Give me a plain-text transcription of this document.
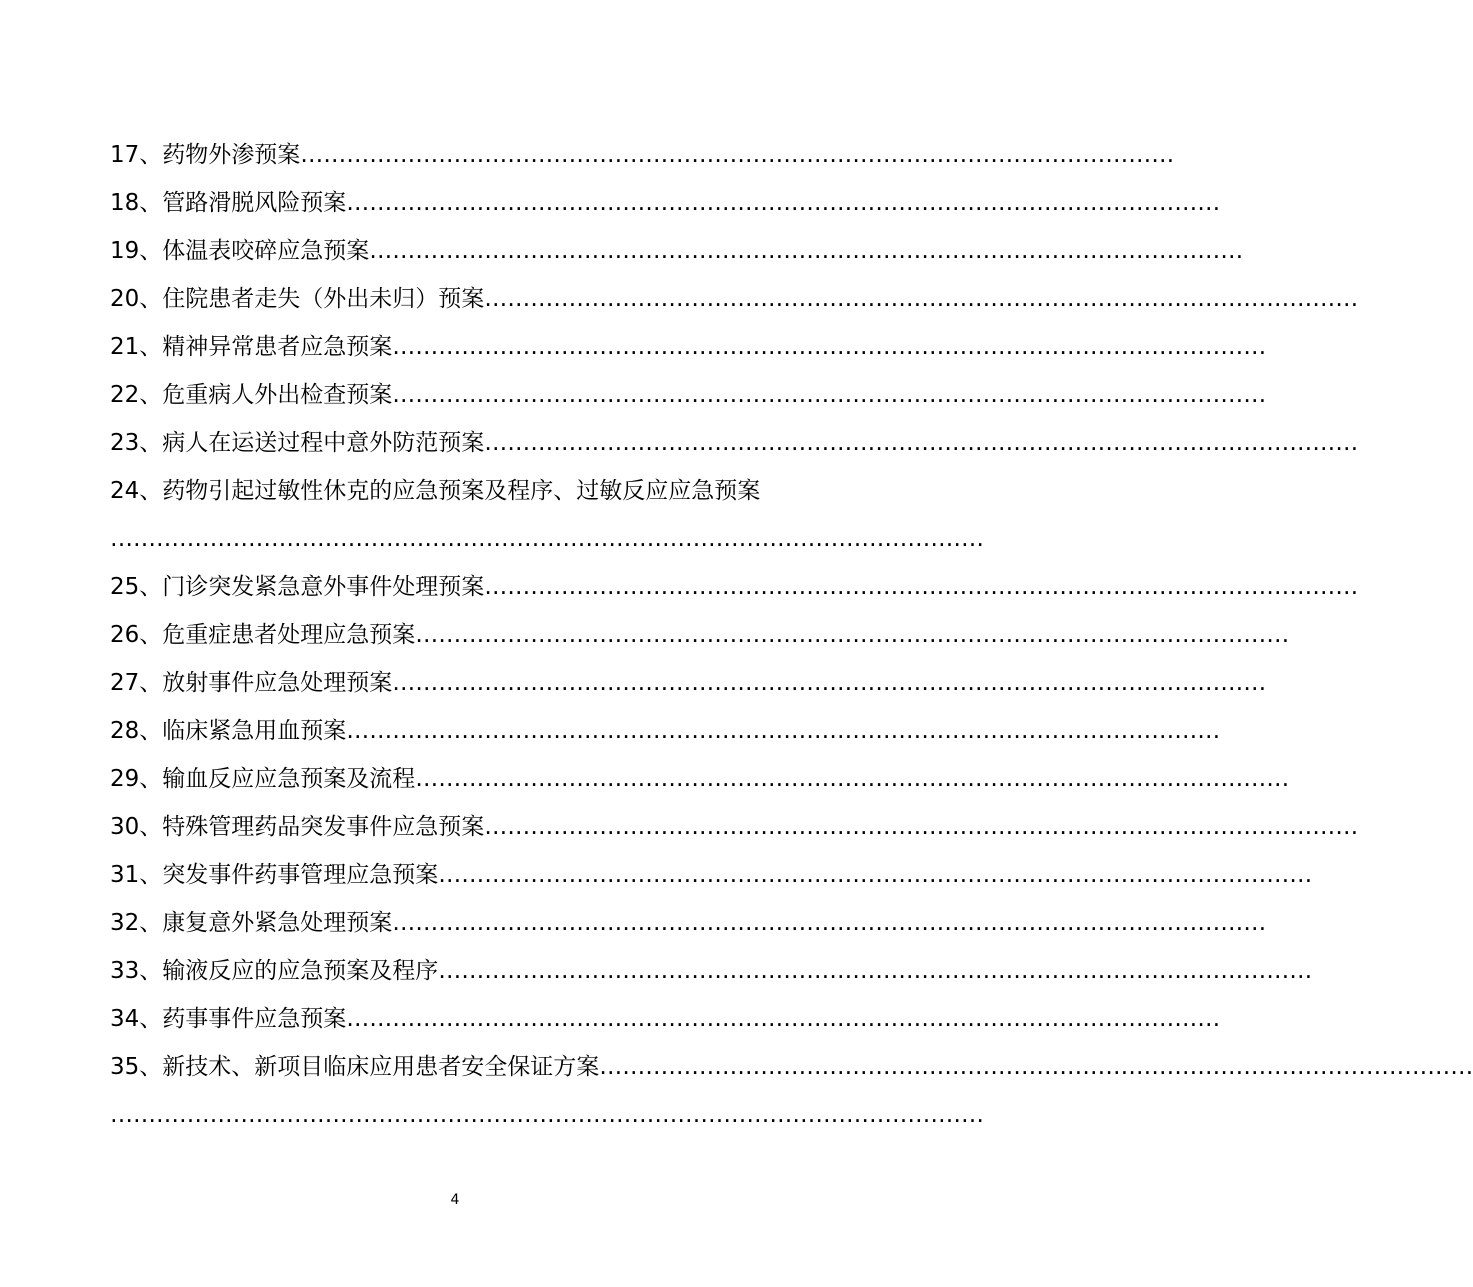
17、药物外渗预案 ……………………………………………………………………………………………………
18、管路滑脱风险预案 ……………………………………………………………………………………………………
19、体温表咬碎应急预案 ……………………………………………………………………………………………………
20、住院患者走失（外出未归）预案 ……………………………………………………………………………………………………
21、精神异常患者应急预案 ……………………………………………………………………………………………………
22、危重病人外出检查预案 ……………………………………………………………………………………………………
23、病人在运送过程中意外防范预案 ……………………………………………………………………………………………………
24、药物引起过敏性休克的应急预案及程序、过敏反应应急预案
……………………………………………………………………………………………………
25、门诊突发紧急意外事件处理预案 ……………………………………………………………………………………………………
26、危重症患者处理应急预案 ……………………………………………………………………………………………………
27、放射事件应急处理预案 ……………………………………………………………………………………………………
28、临床紧急用血预案 ……………………………………………………………………………………………………
29、输血反应应急预案及流程 ……………………………………………………………………………………………………
30、特殊管理药品突发事件应急预案 ……………………………………………………………………………………………………
31、突发事件药事管理应急预案 ……………………………………………………………………………………………………
32、康复意外紧急处理预案 ……………………………………………………………………………………………………
33、输液反应的应急预案及程序 ……………………………………………………………………………………………………
34、药事事件应急预案 ……………………………………………………………………………………………………
35、新技术、新项目临床应用患者安全保证方案 ……………………………………………………………………………………………………
……………………………………………………………………………………………………
4
